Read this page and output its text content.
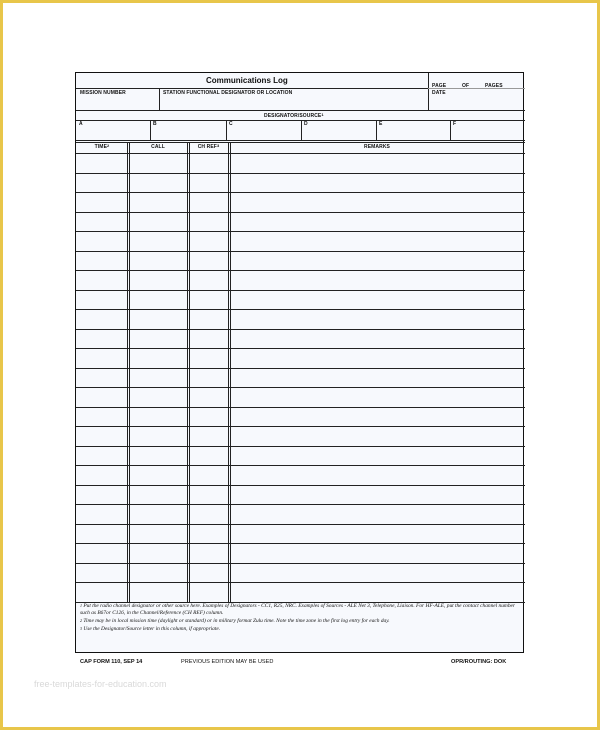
Communications Log
PAGE	OF	PAGES
MISSION NUMBER	STATION FUNCTIONAL DESIGNATOR OR LOCATION	DATE
DESIGNATOR/SOURCE$^1$
A	B	C	D	E	F
TIME$^2$	CALL	CH REF$^3$	REMARKS
$^1$ Put the radio channel designator or other source here. Examples of Designators - CC1, R25, NRC. Examples of Sources - ALE Net 3, Telephone, Liaison. For HF-ALE, put the contact channel number such as B67or C126, in the Channel/Reference (CH REF) column.
$^2$ Time may be in local mission time (daylight or standard) or in military format Zulu time. Note the time zone in the first log entry for each day.
$^3$ Use the Designator/Source letter in this column, if appropriate.
CAP FORM 110, SEP 14	PREVIOUS EDITION MAY BE USED	OPR/ROUTING: DOK
free-templates-for-education.com
